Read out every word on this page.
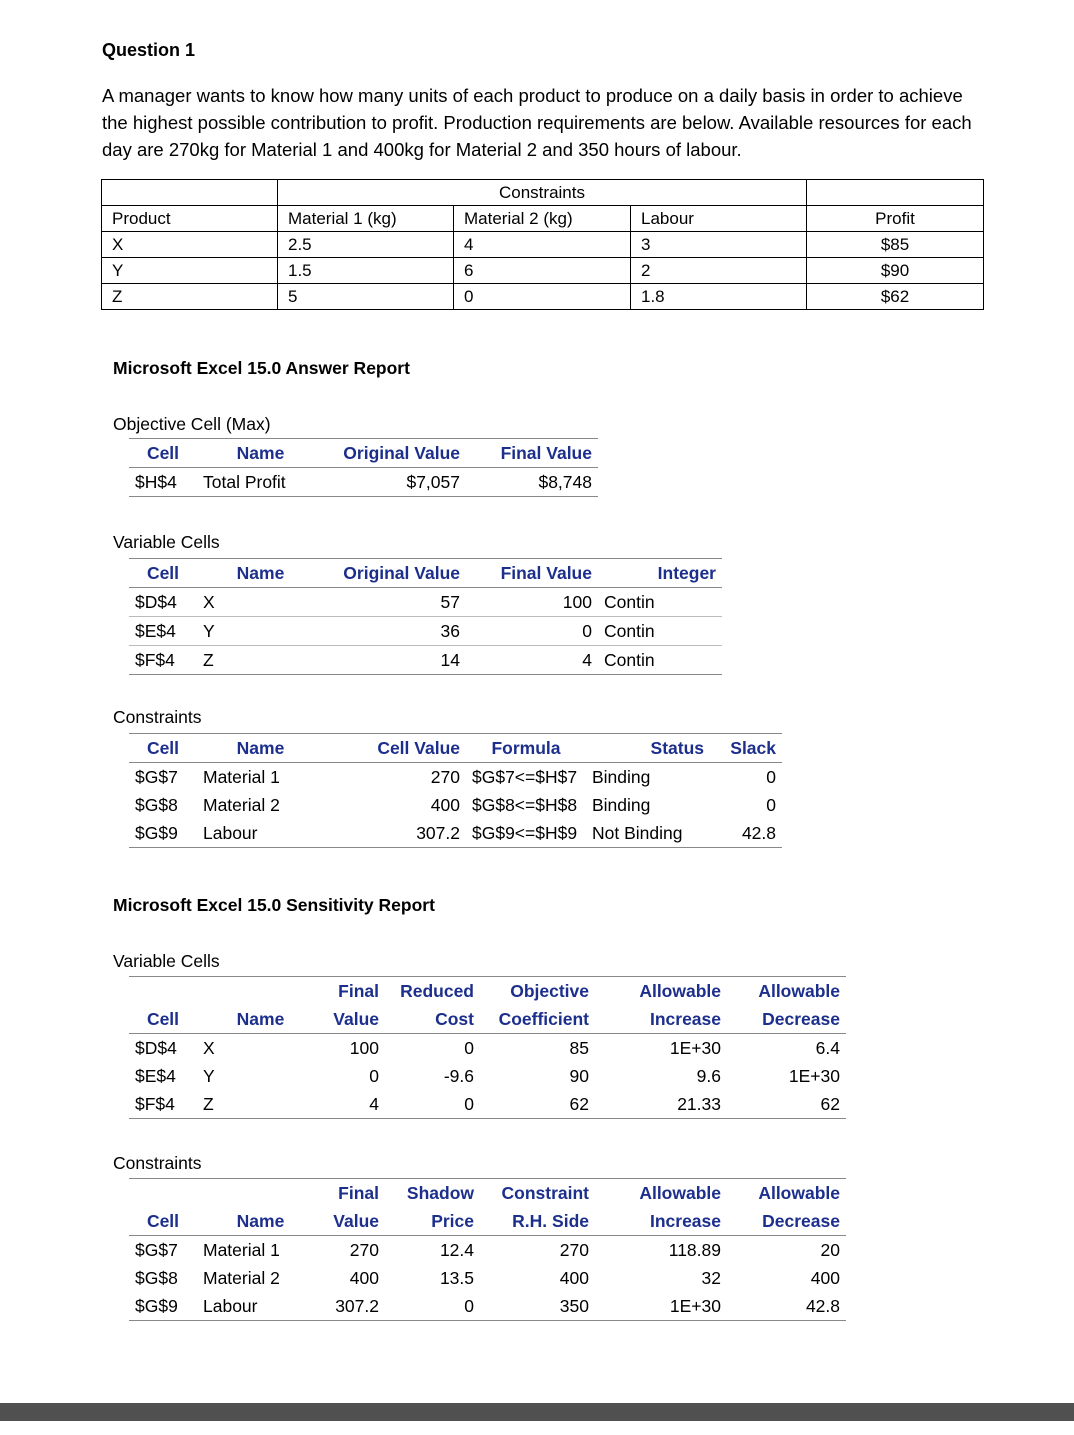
Question 1
A manager wants to know how many units of each product to produce on a daily basis in order to achieve the highest possible contribution to profit. Production requirements are below. Available resources for each day are 270kg for Material 1 and 400kg for Material 2 and 350 hours of labour.
	Constraints			
Product	Material 1 (kg)	Material 2 (kg)	Labour	Profit
X	2.5	4	3	$85
Y	1.5	6	2	$90
Z	5	0	1.8	$62
Microsoft Excel 15.0 Answer Report
Objective Cell (Max)
Cell	Name	Original Value	Final Value
$H$4	Total Profit	$7,057	$8,748
Variable Cells
Cell	Name	Original Value	Final Value	Integer
$D$4	X	57	100	Contin
$E$4	Y	36	0	Contin
$F$4	Z	14	4	Contin
Constraints
Cell	Name	Cell Value	Formula	Status	Slack
$G$7	Material 1	270	$G$7<=$H$7	Binding	0
$G$8	Material 2	400	$G$8<=$H$8	Binding	0
$G$9	Labour	307.2	$G$9<=$H$9	Not Binding	42.8
Microsoft Excel 15.0 Sensitivity Report
Variable Cells
		Final	Reduced	Objective	Allowable	Allowable
Cell	Name	Value	Cost	Coefficient	Increase	Decrease
$D$4	X	100	0	85	1E+30	6.4
$E$4	Y	0	-9.6	90	9.6	1E+30
$F$4	Z	4	0	62	21.33	62
Constraints
		Final	Shadow	Constraint	Allowable	Allowable
Cell	Name	Value	Price	R.H. Side	Increase	Decrease
$G$7	Material 1	270	12.4	270	118.89	20
$G$8	Material 2	400	13.5	400	32	400
$G$9	Labour	307.2	0	350	1E+30	42.8
